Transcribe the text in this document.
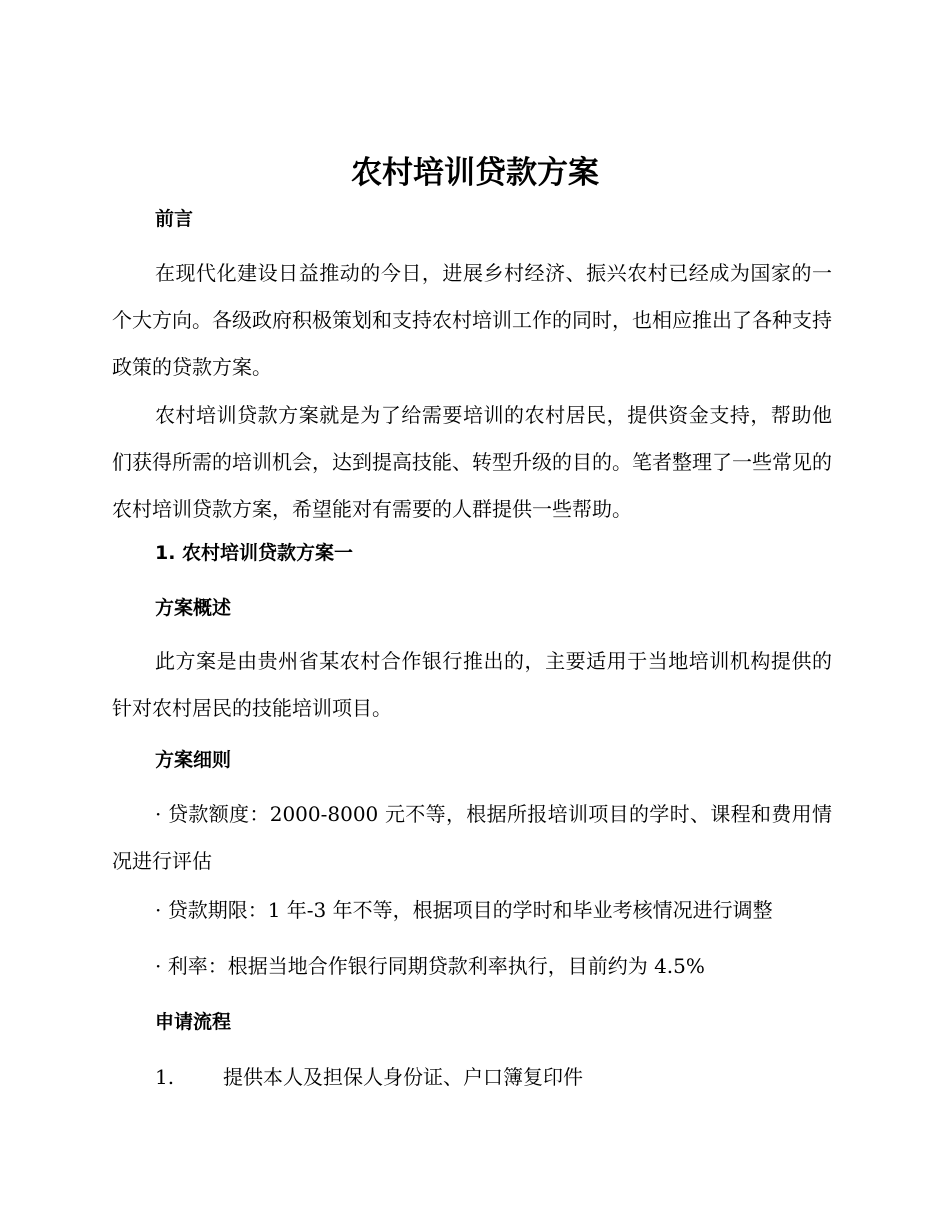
农村培训贷款方案

前言

在现代化建设日益推动的今日，进展乡村经济、振兴农村已经成为国家的一个大方向。各级政府积极策划和支持农村培训工作的同时，也相应推出了各种支持政策的贷款方案。

农村培训贷款方案就是为了给需要培训的农村居民，提供资金支持，帮助他们获得所需的培训机会，达到提高技能、转型升级的目的。笔者整理了一些常见的农村培训贷款方案，希望能对有需要的人群提供一些帮助。

1. 农村培训贷款方案一

方案概述

此方案是由贵州省某农村合作银行推出的，主要适用于当地培训机构提供的针对农村居民的技能培训项目。

方案细则

· 贷款额度：2000-8000 元不等，根据所报培训项目的学时、课程和费用情况进行评估

· 贷款期限：1 年-3 年不等，根据项目的学时和毕业考核情况进行调整

· 利率：根据当地合作银行同期贷款利率执行，目前约为 4.5%

申请流程

1. 提供本人及担保人身份证、户口簿复印件
